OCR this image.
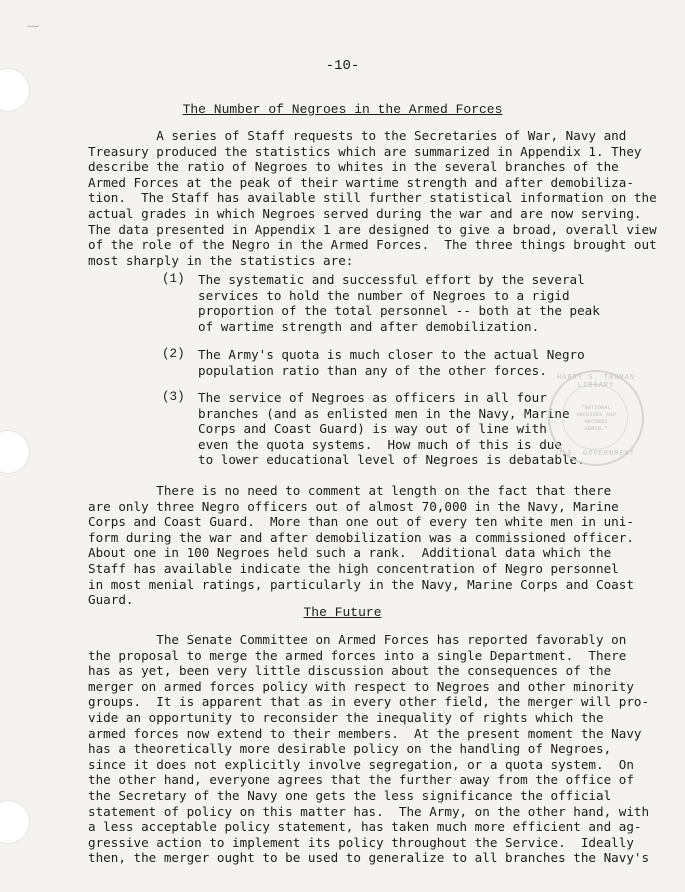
‿‿
-10-
The Number of Negroes in the Armed Forces
A series of Staff requests to the Secretaries of War, Navy and
Treasury produced the statistics which are summarized in Appendix 1. They
describe the ratio of Negroes to whites in the several branches of the
Armed Forces at the peak of their wartime strength and after demobiliza-
tion.  The Staff has available still further statistical information on the
actual grades in which Negroes served during the war and are now serving.
The data presented in Appendix 1 are designed to give a broad, overall view
of the role of the Negro in the Armed Forces.  The three things brought out
most sharply in the statistics are:
(1)	The systematic and successful effort by the several
services to hold the number of Negroes to a rigid
proportion of the total personnel -- both at the peak
of wartime strength and after demobilization.
(2)	The Army's quota is much closer to the actual Negro
population ratio than any of the other forces.
(3)	The service of Negroes as officers in all four
branches (and as enlisted men in the Navy, Marine
Corps and Coast Guard) is way out of line with
even the quota systems.  How much of this is due
to lower educational level of Negroes is debatable.
There is no need to comment at length on the fact that there
are only three Negro officers out of almost 70,000 in the Navy, Marine
Corps and Coast Guard.  More than one out of every ten white men in uni-
form during the war and after demobilization was a commissioned officer.
About one in 100 Negroes held such a rank.  Additional data which the
Staff has available indicate the high concentration of Negro personnel
in most menial ratings, particularly in the Navy, Marine Corps and Coast
Guard.
The Future
The Senate Committee on Armed Forces has reported favorably on
the proposal to merge the armed forces into a single Department.  There
has as yet, been very little discussion about the consequences of the
merger on armed forces policy with respect to Negroes and other minority
groups.  It is apparent that as in every other field, the merger will pro-
vide an opportunity to reconsider the inequality of rights which the
armed forces now extend to their members.  At the present moment the Navy
has a theoretically more desirable policy on the handling of Negroes,
since it does not explicitly involve segregation, or a quota system.  On
the other hand, everyone agrees that the further away from the office of
the Secretary of the Navy one gets the less significance the official
statement of policy on this matter has.  The Army, on the other hand, with
a less acceptable policy statement, has taken much more efficient and ag-
gressive action to implement its policy throughout the Service.  Ideally
then, the merger ought to be used to generalize to all branches the Navy's
HARRY S. TRUMAN LIBRARY
"NATIONAL
ARCHIVES AND
RECORDS
ADMIN."
U.S. GOVERNMENT
